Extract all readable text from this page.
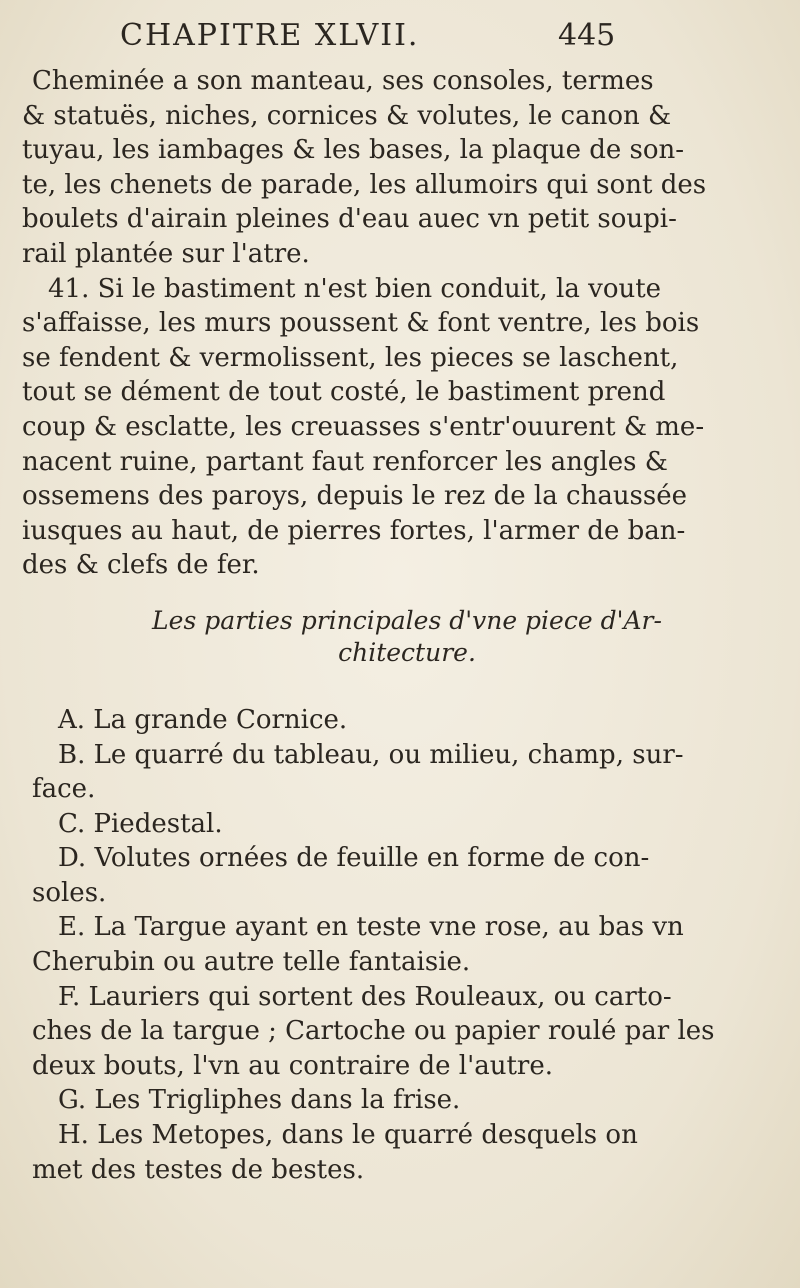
CHAPITRE XLVII.	445

Cheminée a son manteau, ses consoles, termes
& statuës, niches, cornices & volutes, le canon &
tuyau, les iambages & les bases, la plaque de son-
te, les chenets de parade, les allumoirs qui sont des
boulets d'airain pleines d'eau auec vn petit soupi-
rail plantée sur l'atre.

41. Si le bastiment n'est bien conduit, la voute
s'affaisse, les murs poussent & font ventre, les bois
se fendent & vermolissent, les pieces se laschent,
tout se dément de tout costé, le bastiment prend
coup & esclatte, les creuasses s'entr'ouurent & me-
nacent ruine, partant faut renforcer les angles &
ossemens des paroys, depuis le rez de la chaussée
iusques au haut, de pierres fortes, l'armer de ban-
des & clefs de fer.

Les parties principales d'vne piece d'Ar-
chitecture.
A. La grande Cornice.
B. Le quarré du tableau, ou milieu, champ, sur-
face.
C. Piedestal.
D. Volutes ornées de feuille en forme de con-
soles.
E. La Targue ayant en teste vne rose, au bas vn
Cherubin ou autre telle fantaisie.
F. Lauriers qui sortent des Rouleaux, ou carto-
ches de la targue ; Cartoche ou papier roulé par les
deux bouts, l'vn au contraire de l'autre.
G. Les Trigliphes dans la frise.
H. Les Metopes, dans le quarré desquels on
met des testes de bestes.
